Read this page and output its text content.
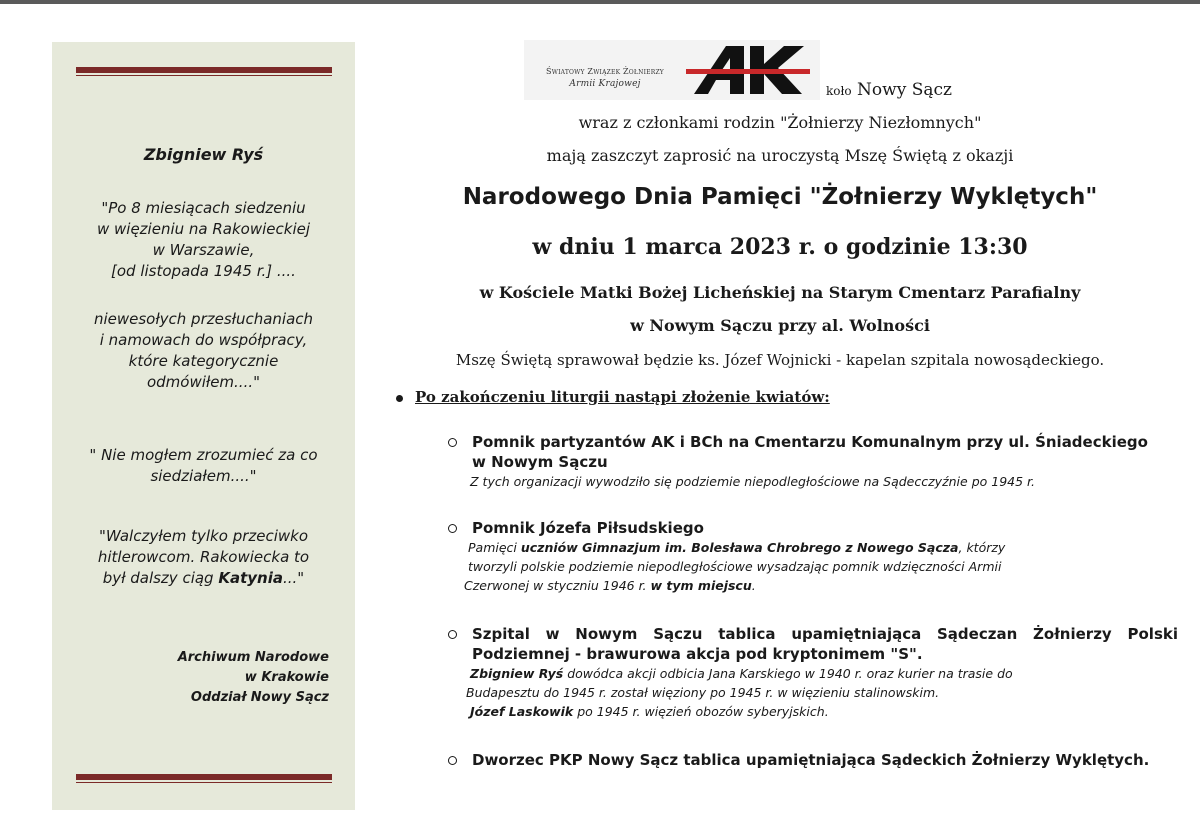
Zbigniew Ryś
"Po 8 miesiącach siedzeniu
w więzieniu na Rakowieckiej
w Warszawie,
[od listopada 1945 r.] ....
niewesołych przesłuchaniach
i namowach do współpracy,
które kategorycznie
odmówiłem...."
" Nie mogłem zrozumieć za co
siedziałem...."
"Walczyłem tylko przeciwko
hitlerowcom. Rakowiecka to
był dalszy ciąg Katynia..."
Archiwum Narodowe
w Krakowie
Oddział Nowy Sącz
Światowy Związek Żołnierzy
Armii Krajowej	koło Nowy Sącz
wraz z członkami rodzin "Żołnierzy Niezłomnych"
mają zaszczyt zaprosić na uroczystą Mszę Świętą z okazji
Narodowego Dnia Pamięci "Żołnierzy Wyklętych"
w dniu 1 marca 2023 r. o godzinie 13:30
w Kościele Matki Bożej Licheńskiej na Starym Cmentarz Parafialny
w Nowym Sączu przy al. Wolności
Mszę Świętą sprawował będzie ks. Józef Wojnicki - kapelan szpitala nowosądeckiego.
Po zakończeniu liturgii nastąpi złożenie kwiatów:
Pomnik partyzantów AK i BCh na Cmentarzu Komunalnym przy ul. Śniadeckiego
w Nowym Sączu
Z tych organizacji wywodziło się podziemie niepodległościowe na Sądecczyźnie po 1945 r.
Pomnik Józefa Piłsudskiego
Pamięci uczniów Gimnazjum im. Bolesława Chrobrego z Nowego Sącza, którzy
tworzyli polskie podziemie niepodległościowe wysadzając pomnik wdzięczności Armii
Czerwonej w styczniu 1946 r. w tym miejscu.
Szpital w Nowym Sączu tablica upamiętniająca Sądeczan Żołnierzy Polski
Podziemnej - brawurowa akcja pod kryptonimem "S".
Zbigniew Ryś dowódca akcji odbicia Jana Karskiego w 1940 r. oraz kurier na trasie do
Budapesztu do 1945 r. został więziony po 1945 r. w więzieniu stalinowskim.
Józef Laskowik po 1945 r. więzień obozów syberyjskich.
Dworzec PKP Nowy Sącz tablica upamiętniająca Sądeckich Żołnierzy Wyklętych.
